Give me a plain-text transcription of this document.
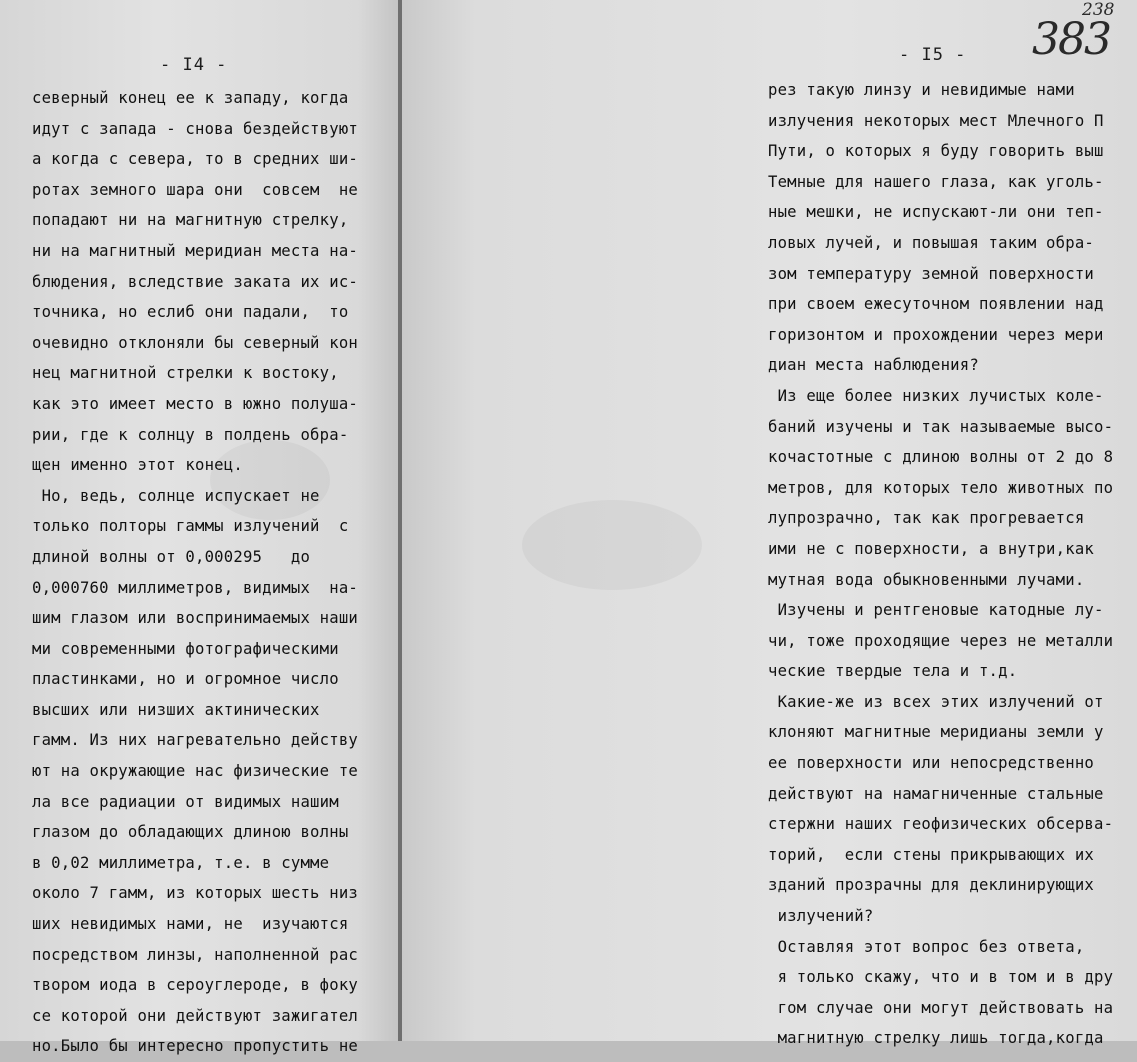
- I4 -
северный конец ее к западу, когда
идут с запада - снова бездействуют
а когда с севера, то в средних ши-
ротах земного шара они  совсем  не
попадают ни на магнитную стрелку,
ни на магнитный меридиан места на-
блюдения, вследствие заката их ис-
точника, но еслиб они падали,  то
очевидно отклоняли бы северный кон
нец магнитной стрелки к востоку,
как это имеет место в южно полуша-
рии, где к солнцу в полдень обра-
щен именно этот конец.
Но, ведь, солнце испускает не
только полторы гаммы излучений  с
длиной волны от 0,000295   до
0,000760 миллиметров, видимых  на-
шим глазом или воспринимаемых наши
ми современными фотографическими
пластинками, но и огромное число
высших или низших актинических
гамм. Из них нагревательно действу
ют на окружающие нас физические те
ла все радиации от видимых нашим
глазом до обладающих длиною волны
в 0,02 миллиметра, т.е. в сумме
около 7 гамм, из которых шесть низ
ших невидимых нами, не  изучаются
посредством линзы, наполненной рас
твором иода в сероуглероде, в фоку
се которой они действуют зажигател
но.Было бы интересно пропустить не
- I5 - 383
238
рез такую линзу и невидимые нами
излучения некоторых мест Млечного П
Пути, о которых я буду говорить выш
Темные для нашего глаза, как уголь-
ные мешки, не испускают-ли они теп-
ловых лучей, и повышая таким обра-
зом температуру земной поверхности
при своем ежесуточном появлении над
горизонтом и прохождении через мери
диан места наблюдения?
Из еще более низких лучистых коле-
баний изучены и так называемые высо-
кочастотные с длиною волны от 2 до 8
метров, для которых тело животных по
лупрозрачно, так как прогревается
ими не с поверхности, а внутри,как
мутная вода обыкновенными лучами.
Изучены и рентгеновые катодные лу-
чи, тоже проходящие через не металли
ческие твердые тела и т.д.
Какие-же из всех этих излучений от
клоняют магнитные меридианы земли у
ее поверхности или непосредственно
действуют на намагниченные стальные
стержни наших геофизических обсерва-
торий,  если стены прикрывающих их
зданий прозрачны для деклинирующих
излучений?
Оставляя этот вопрос без ответа,
я только скажу, что и в том и в дру
гом случае они могут действовать на
магнитную стрелку лишь тогда,когда
